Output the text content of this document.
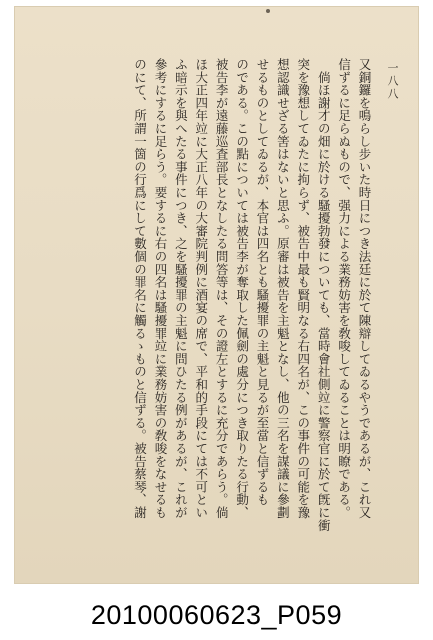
一八八
又銅鑼を鳴らし步いた時日につき法廷に於て陳辯してゐるやうであるが、これ又
信ずるに足らぬもので、强力による業務妨害を敎唆してゐることは明瞭である。
　倘ほ謝才の畑に於ける騷擾勃發についても、當時會社側竝に警察官に於て旣に衝
突を豫想してゐたに拘らず、被告中最も賢明なる右四名が、この事件の可能を豫
想認識せざる筈はないと思ふ。原審は被告を主魁となし、他の三名を謀議に參劃
せるものとしてゐるが、本官は四名とも騷擾罪の主魁と見るが至當と信ずるも
のである。この點については被告李が奪取した佩劍の處分につき取りたる行動、
被告李が遠藤巡査部長となしたる問答等は、その證左とするに充分であらう。倘
ほ大正四年竝に大正八年の大審院判例に酒宴の席で、平和的手段にては不可とい
ふ暗示を與へたる事件につき、之を騷擾罪の主魁に問ひたる例があるが、これが
參考にするに足らう。要するに右の四名は騷擾罪竝に業務妨害の敎唆をなせるも
のにて、所謂一箇の行爲にして數個の罪名に觸るゝものと信ずる。被告蔡琴、謝
20100060623_P059
